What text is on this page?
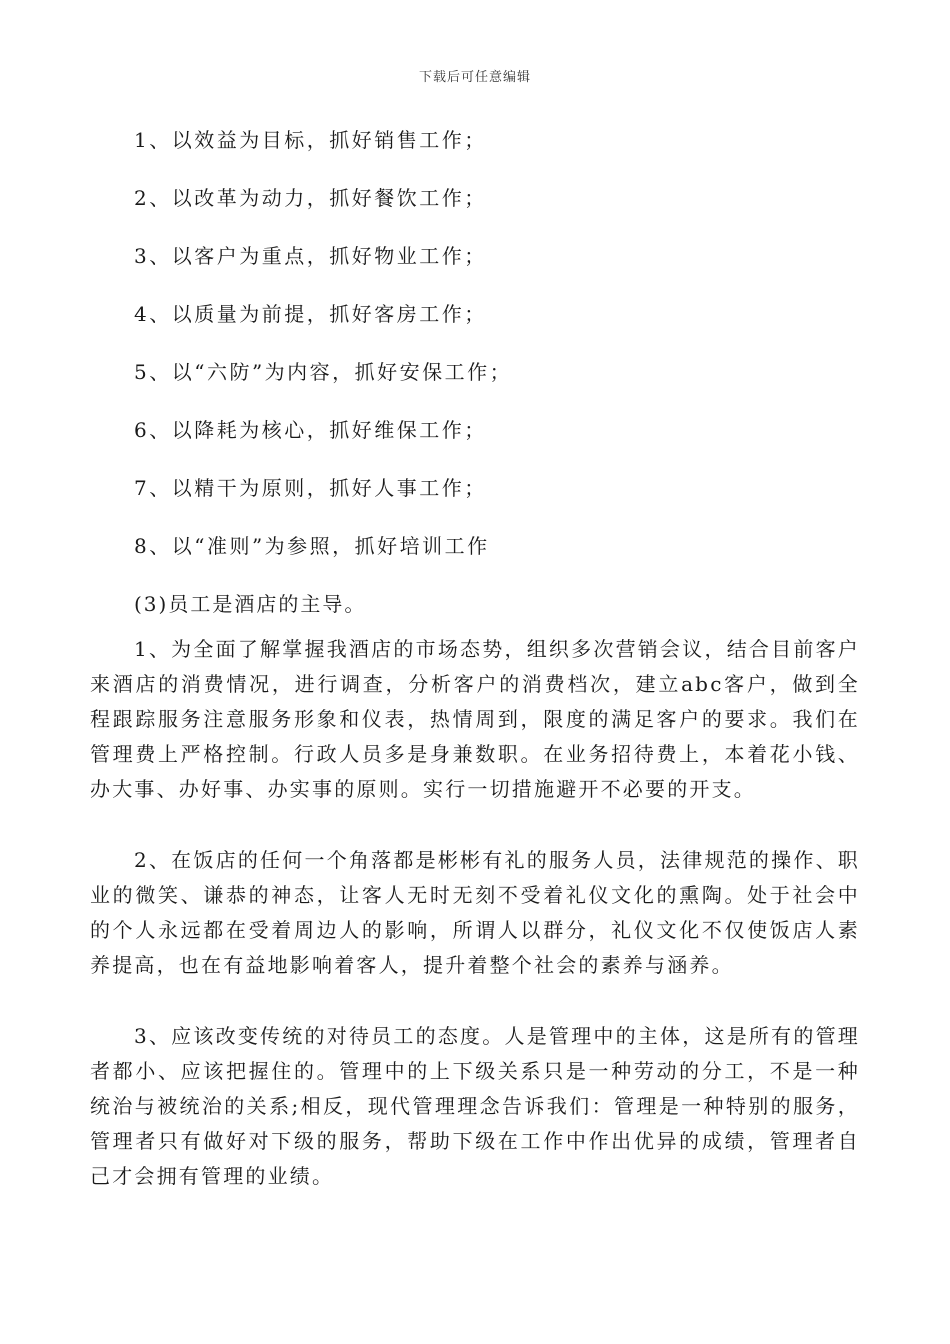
下载后可任意编辑
1、以效益为目标，抓好销售工作；
2、以改革为动力，抓好餐饮工作；
3、以客户为重点，抓好物业工作；
4、以质量为前提，抓好客房工作；
5、以“六防”为内容，抓好安保工作；
6、以降耗为核心，抓好维保工作；
7、以精干为原则，抓好人事工作；
8、以“准则”为参照，抓好培训工作
(3)员工是酒店的主导。

1、为全面了解掌握我酒店的市场态势，组织多次营销会议，结合目前客户来酒店的消费情况，进行调查，分析客户的消费档次，建立abc客户，做到全程跟踪服务注意服务形象和仪表，热情周到，限度的满足客户的要求。我们在管理费上严格控制。行政人员多是身兼数职。在业务招待费上，本着花小钱、办大事、办好事、办实事的原则。实行一切措施避开不必要的开支。

2、在饭店的任何一个角落都是彬彬有礼的服务人员，法律规范的操作、职业的微笑、谦恭的神态，让客人无时无刻不受着礼仪文化的熏陶。处于社会中的个人永远都在受着周边人的影响，所谓人以群分，礼仪文化不仅使饭店人素养提高，也在有益地影响着客人，提升着整个社会的素养与涵养。

3、应该改变传统的对待员工的态度。人是管理中的主体，这是所有的管理者都小、应该把握住的。管理中的上下级关系只是一种劳动的分工，不是一种统治与被统治的关系;相反，现代管理理念告诉我们：管理是一种特别的服务，管理者只有做好对下级的服务，帮助下级在工作中作出优异的成绩，管理者自己才会拥有管理的业绩。
